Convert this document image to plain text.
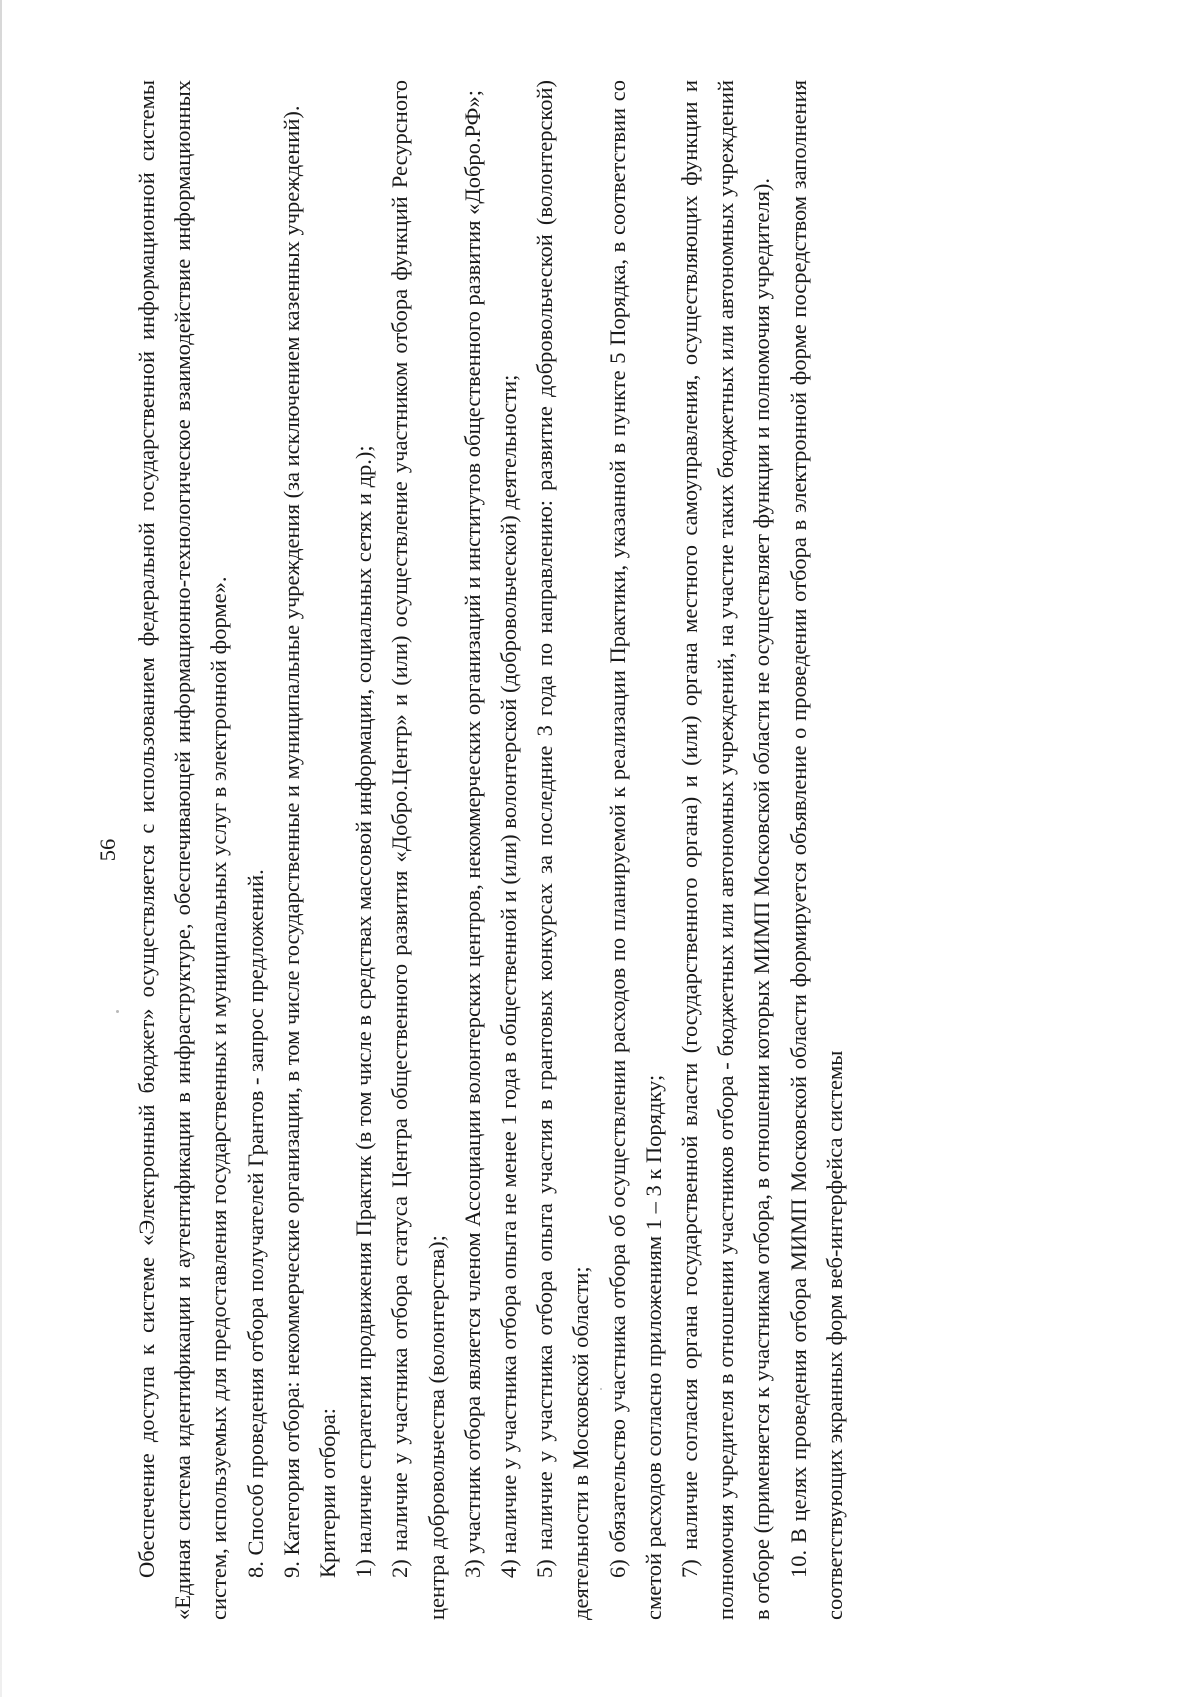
56 Обеспечение доступа к системе «Электронный бюджет» осуществляется с использованием федеральной государственной информационной системы «Единая система идентификации и аутентификации в инфраструктуре, обеспечивающей информационно-технологическое взаимодействие информационных систем, используемых для предоставления государственных и муниципальных услуг в электронной форме». 8. Способ проведения отбора получателей Грантов - запрос предложений. 9. Категория отбора: некоммерческие организации, в том числе государственные и муниципальные учреждения (за исключением казенных учреждений). Критерии отбора: 1) наличие стратегии продвижения Практик (в том числе в средствах массовой информации, социальных сетях и др.); 2) наличие у участника отбора статуса Центра общественного развития «Добро.Центр» и (или) осуществление участником отбора функций Ресурсного центра добровольчества (волонтерства); 3) участник отбора является членом Ассоциации волонтерских центров, некоммерческих организаций и институтов общественного развития «Добро.РФ»; 4) наличие у участника отбора опыта не менее 1 года в общественной и (или) волонтерской (добровольческой) деятельности; 5) наличие у участника отбора опыта участия в грантовых конкурсах за последние 3 года по направлению: развитие добровольческой (волонтерской) деятельности в Московской области; 6) обязательство участника отбора об осуществлении расходов по планируемой к реализации Практики, указанной в пункте 5 Порядка, в соответствии со сметой расходов согласно приложениям 1 – 3 к Порядку; 7) наличие согласия органа государственной власти (государственного органа) и (или) органа местного самоуправления, осуществляющих функции и полномочия учредителя в отношении участников отбора - бюджетных или автономных учреждений, на участие таких бюджетных или автономных учреждений в отборе (применяется к участникам отбора, в отношении которых МИМП Московской области не осуществляет функции и полномочия учредителя). 10. В целях проведения отбора МИМП Московской области формируется объявление о проведении отбора в электронной форме посредством заполнения соответствующих экранных форм веб-интерфейса системы
